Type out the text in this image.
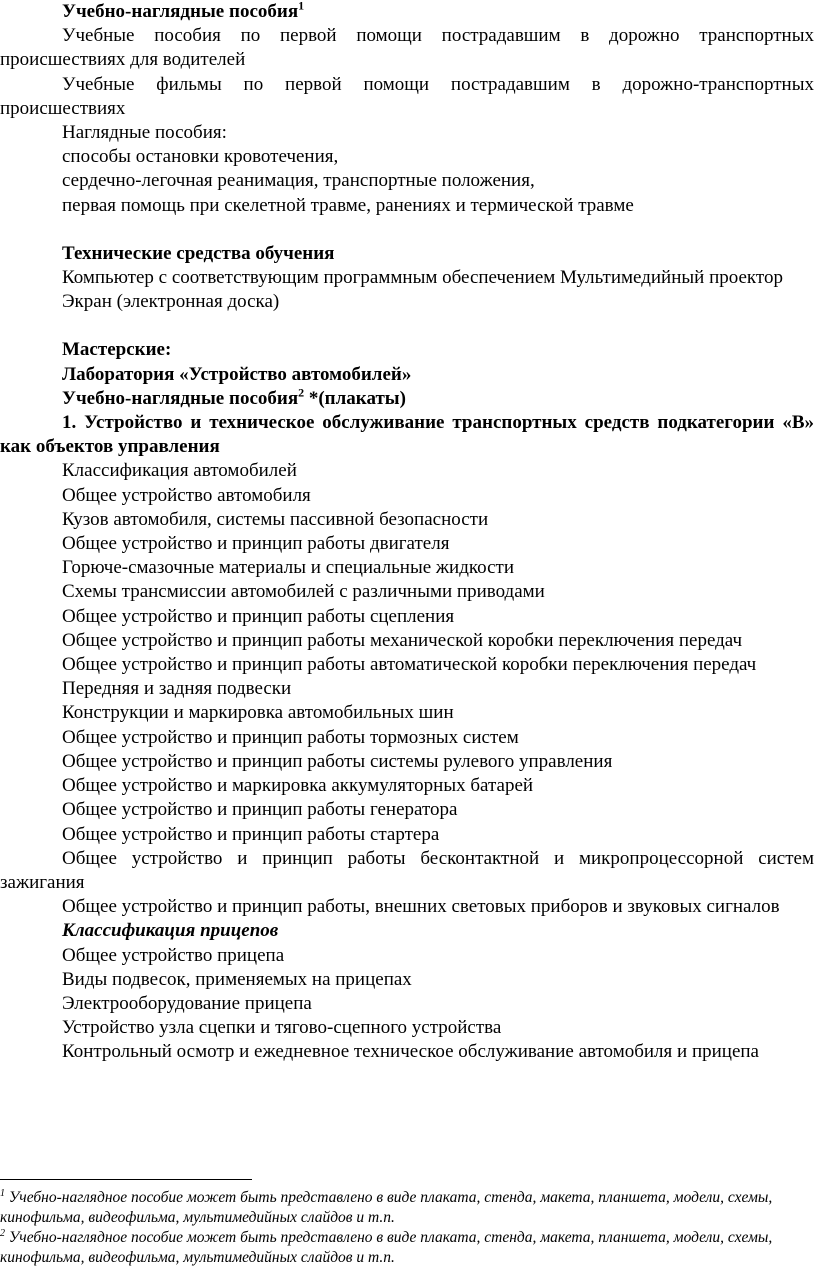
Учебно-наглядные пособия$^1$

Учебные пособия по первой помощи пострадавшим в дорожно транспортных происшествиях для водителей

Учебные фильмы по первой помощи пострадавшим в дорожно-транспортных происшествиях

Наглядные пособия:

способы остановки кровотечения,

сердечно-легочная реанимация, транспортные положения,

первая помощь при скелетной травме, ранениях и термической травме

Технические средства обучения

Компьютер с соответствующим программным обеспечением Мультимедийный проектор

Экран (электронная доска)

Мастерские:

Лаборатория «Устройство автомобилей»

Учебно-наглядные пособия$^2$ *(плакаты)

1. Устройство и техническое обслуживание транспортных средств подкатегории «В» как объектов управления

Классификация автомобилей

Общее устройство автомобиля

Кузов автомобиля, системы пассивной безопасности

Общее устройство и принцип работы двигателя

Горюче-смазочные материалы и специальные жидкости

Схемы трансмиссии автомобилей с различными приводами

Общее устройство и принцип работы сцепления

Общее устройство и принцип работы механической коробки переключения передач

Общее устройство и принцип работы автоматической коробки переключения передач

Передняя и задняя подвески

Конструкции и маркировка автомобильных шин

Общее устройство и принцип работы тормозных систем

Общее устройство и принцип работы системы рулевого управления

Общее устройство и маркировка аккумуляторных батарей

Общее устройство и принцип работы генератора

Общее устройство и принцип работы стартера

Общее устройство и принцип работы бесконтактной и микропроцессорной систем зажигания

Общее устройство и принцип работы, внешних световых приборов и звуковых сигналов

Классификация прицепов

Общее устройство прицепа

Виды подвесок, применяемых на прицепах

Электрооборудование прицепа

Устройство узла сцепки и тягово-сцепного устройства

Контрольный осмотр и ежедневное техническое обслуживание автомобиля и прицепа

$^1$ Учебно-наглядное пособие может быть представлено в виде плаката, стенда, макета, планшета, модели, схемы, кинофильма, видеофильма, мультимедийных слайдов и т.п.

$^2$ Учебно-наглядное пособие может быть представлено в виде плаката, стенда, макета, планшета, модели, схемы, кинофильма, видеофильма, мультимедийных слайдов и т.п.
